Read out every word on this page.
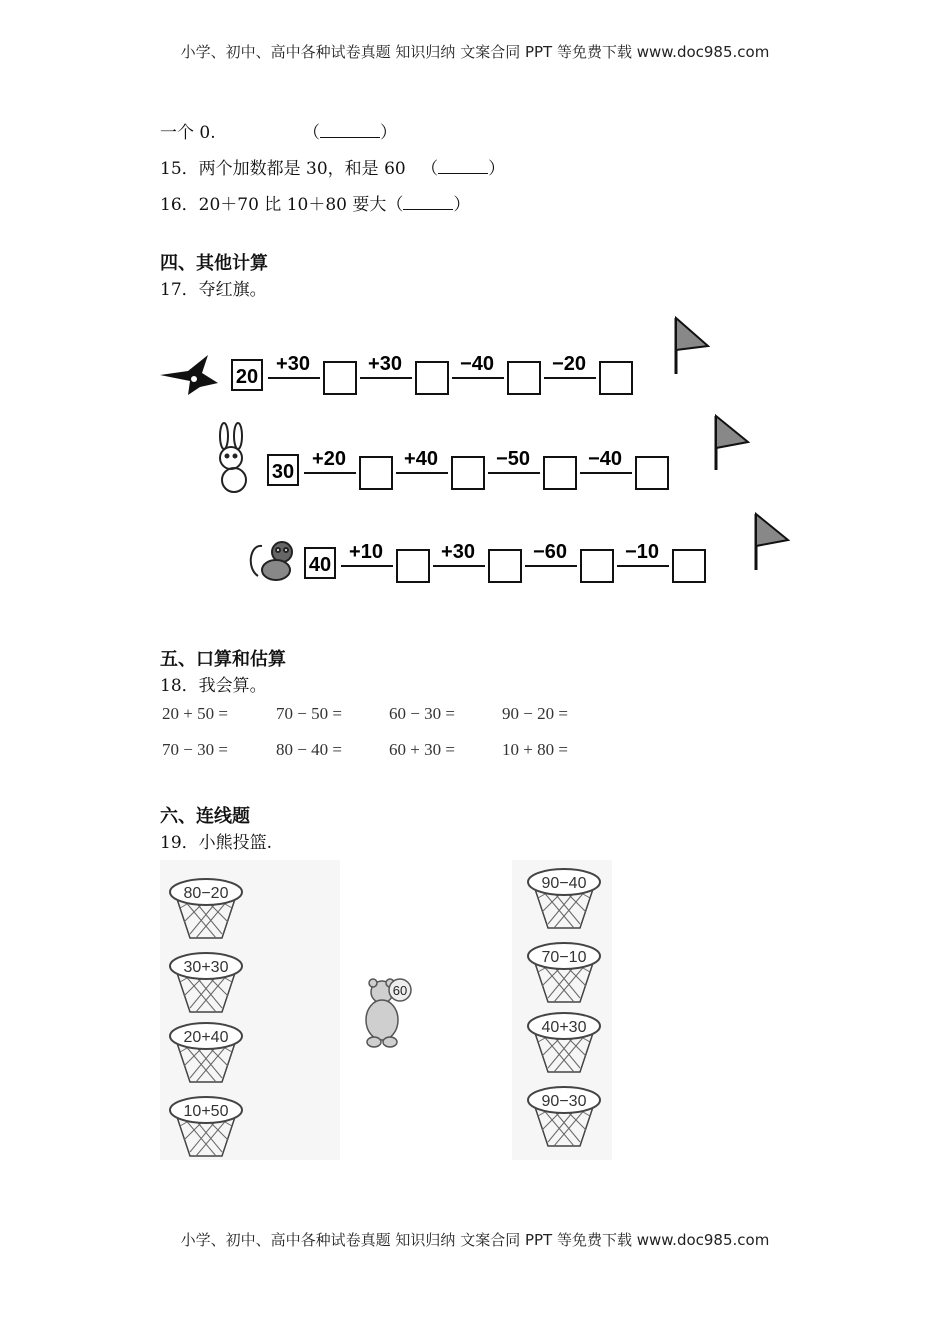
小学、初中、高中各种试卷真题 知识归纳 文案合同 PPT 等免费下载 www.doc985.com
一个 0.	（	）
15．两个加数都是 30，和是 60 （	）
16．20＋70 比 10＋80 要大（	）
四、其他计算
17．夺红旗。
20
+30	+30	−40	−20
30
+20	+40	−50	−40
40
+10	+30	−60	−10
五、口算和估算
18．我会算。
20 + 50 =	70 − 50 =	60 − 30 =	90 − 20 =
70 − 30 =	80 − 40 =	60 + 30 =	10 + 80 =
六、连线题
19．小熊投篮.
80−20
30+30
20+40
10+50
90−40
70−10
40+30
90−30
60
小学、初中、高中各种试卷真题 知识归纳 文案合同 PPT 等免费下载 www.doc985.com
